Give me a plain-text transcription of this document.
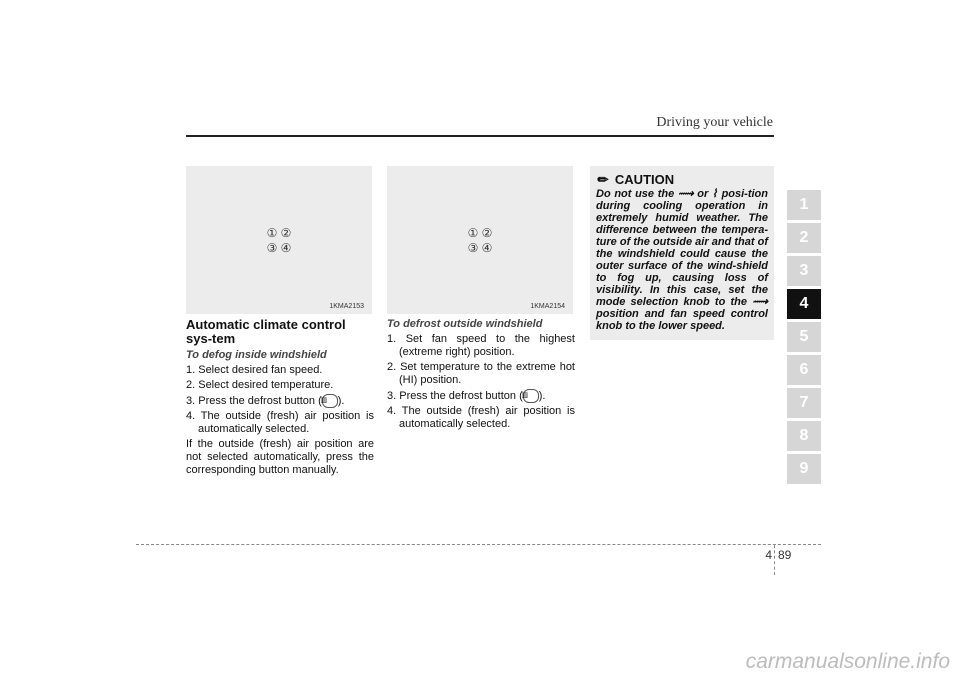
Driving your vehicle
① ②
③ ④
1KMA2153
① ②
③ ④
1KMA2154
Automatic climate control sys-tem
To defog inside windshield
1. Select desired fan speed.
2. Select desired temperature.
3. Press the defrost button (▥ ).
4. The outside (fresh) air position is automatically selected.
If the outside (fresh) air position are not selected automatically, press the corresponding button manually.
To defrost outside windshield
1. Set fan speed to the highest (extreme right) position.
2. Set temperature to the extreme hot (HI) position.
3. Press the defrost button (▥ ).
4. The outside (fresh) air position is automatically selected.
✎ CAUTION
Do not use the ⟿ or ⌇ posi-tion during cooling operation in extremely humid weather. The difference between the tempera-ture of the outside air and that of the windshield could cause the outer surface of the wind-shield to fog up, causing loss of visibility. In this case, set the mode selection knob to the ⟿ position and fan speed control knob to the lower speed.
1
2
3
4
5
6
7
8
9
4 89
carmanualsonline.info
